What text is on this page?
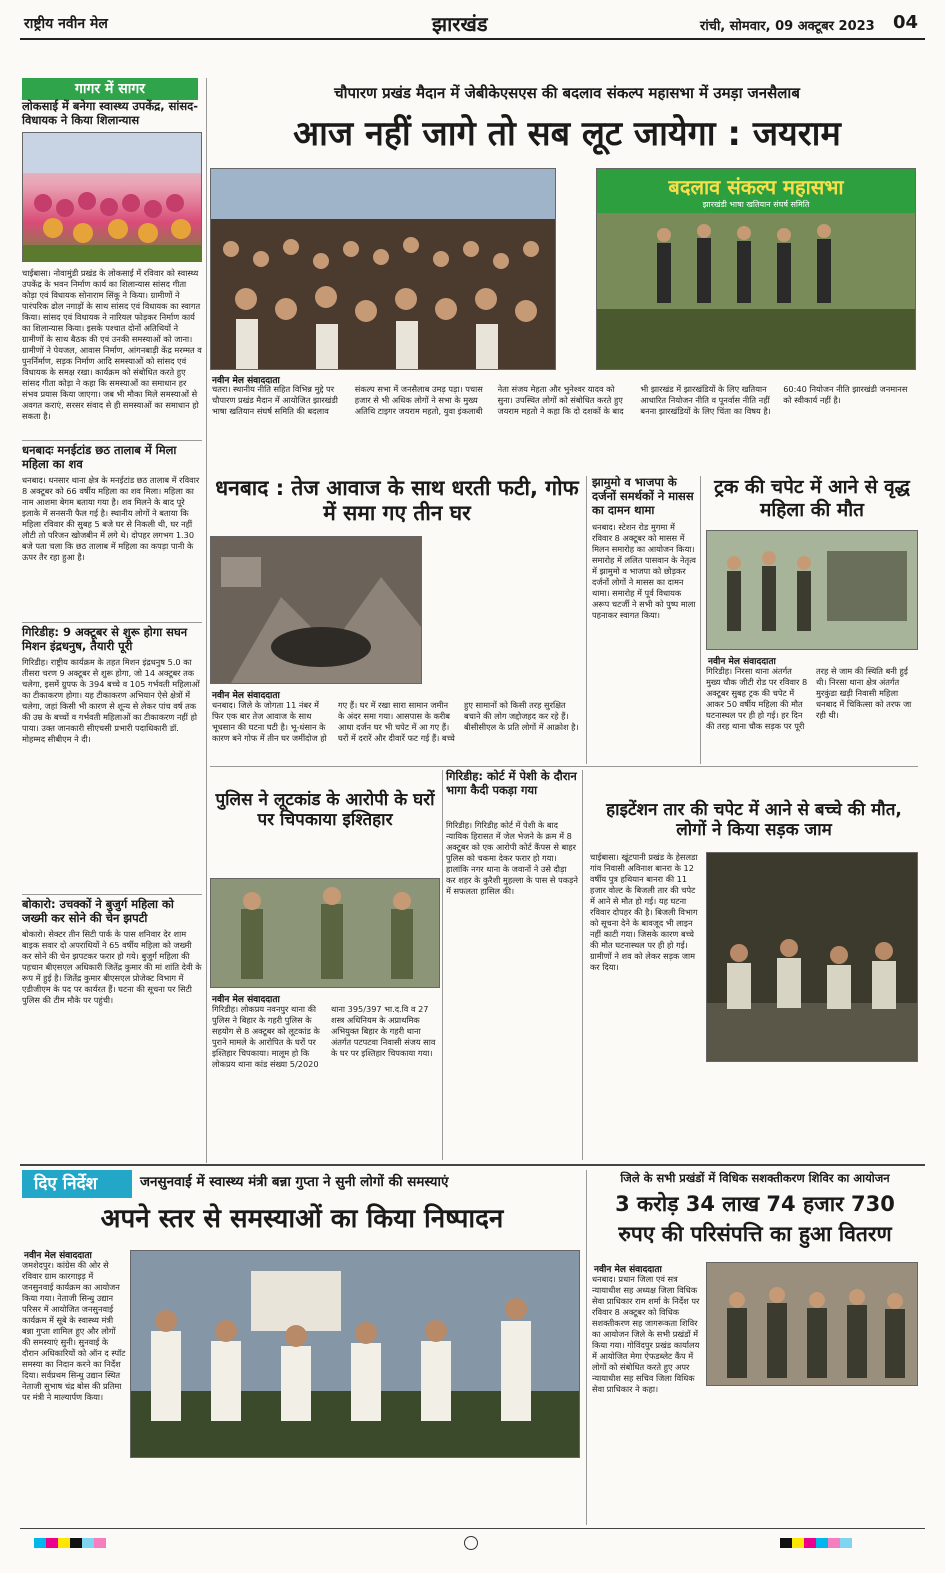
राष्ट्रीय नवीन मेल	झारखंड	रांची, सोमवार, 09 अक्टूबर 2023 04
गागर में सागर
लोकसाई में बनेगा स्वास्थ्य उपकेंद्र, सांसद-विधायक ने किया शिलान्यास
चाईबासा। नोवामुंडी प्रखंड के लोकसाई में रविवार को स्वास्थ्य उपकेंद्र के भवन निर्माण कार्य का शिलान्यास सांसद गीता कोड़ा एवं विधायक सोनाराम सिंकू ने किया। ग्रामीणों ने पारंपरिक ढोल नगाड़ों के साथ सांसद एवं विधायक का स्वागत किया। सांसद एवं विधायक ने नारियल फोड़कर निर्माण कार्य का शिलान्यास किया। इसके पश्चात दोनों अतिथियों ने ग्रामीणों के साथ बैठक की एवं उनकी समस्याओं को जाना। ग्रामीणों ने पेयजल, आवास निर्माण, आंगनबाड़ी केंद्र मरम्मत व पुनर्निर्माण, सड़क निर्माण आदि समस्याओं को सांसद एवं विधायक के समक्ष रखा। कार्यक्रम को संबोधित करते हुए सांसद गीता कोड़ा ने कहा कि समस्याओं का समाधान हर संभव प्रयास किया जाएगा। जब भी मौका मिले समस्याओं से अवगत कराएं, सरसर संवाद से ही समस्याओं का समाधान हो सकता है।
धनबादः मनईटांड छठ तालाब में मिला महिला का शव
धनबाद। धनसार थाना क्षेत्र के मनईटांड छठ तालाब में रविवार 8 अक्टूबर को 66 वर्षीय महिला का शव मिला। महिला का नाम आशमा बेगम बताया गया है। शव मिलने के बाद पूरे इलाके में सनसनी फैल गई है। स्थानीय लोगों ने बताया कि महिला रविवार की सुबह 5 बजे घर से निकली थी, घर नहीं लौटी तो परिजन खोजबीन में लगे थे। दोपहर लगभग 1.30 बजे पता चला कि छठ तालाब में महिला का कपड़ा पानी के ऊपर तैर रहा हुआ है।
गिरिडीह: 9 अक्टूबर से शुरू होगा सघन मिशन इंद्रधनुष, तैयारी पूरी
गिरिडीह। राष्ट्रीय कार्यक्रम के तहत मिशन इंद्रधनुष 5.0 का तीसरा चरण 9 अक्टूबर से शुरू होगा, जो 14 अक्टूबर तक चलेगा, इसमें ग्रुपफ के 394 बच्चे व 105 गर्भवती महिलाओं का टीकाकरण होगा। यह टीकाकरण अभियान ऐसे क्षेत्रों में चलेगा, जहां किसी भी कारण से शून्य से लेकर पांच वर्ष तक की उम्र के बच्चों व गर्भवती महिलाओं का टीकाकरण नहीं हो पाया। उक्त जानकारी सीएचसी प्रभारी पदाधिकारी डॉ. मोहम्मद सीबीएम ने दी।
बोकारो: उचक्कों ने बुजुर्ग महिला को जख्मी कर सोने की चेन झपटी
बोकारो। सेक्टर तीन सिटी पार्क के पास शनिवार देर शाम बाइक सवार दो अपराधियों ने 65 वर्षीय महिला को जख्मी कर सोने की चेन झपटकर फरार हो गये। बुजुर्ग महिला की पहचान बीएसएल अधिकारी जितेंद्र कुमार की मां शांति देवी के रूप में हुई है। जितेंद्र कुमार बीएसएल प्रोजेक्ट विभाग में एडीजीएम के पद पर कार्यरत हैं। घटना की सूचना पर सिटी पुलिस की टीम मौके पर पहुंची।
चौपारण प्रखंड मैदान में जेबीकेएसएस की बदलाव संकल्प महासभा में उमड़ा जनसैलाब
आज नहीं जागे तो सब लूट जायेगा : जयराम
बदलाव संकल्प महासभा
झारखंडी भाषा खतियान संघर्ष समिति
नवीन मेल संवाददाता
चतरा। स्थानीय नीति सहित विभिन्न मुद्दे पर चौपारण प्रखंड मैदान में आयोजित झारखंडी भाषा खतियान संघर्ष समिति की बदलाव संकल्प सभा में जनसैलाब उमड़ पड़ा। पचास हजार से भी अधिक लोगों ने सभा के मुख्य अतिथि टाइगर जयराम महतो, युवा इंकलाबी नेता संजय मेहता और भुनेश्वर यादव को सुना। उपस्थित लोगों को संबोधित करते हुए जयराम महतो ने कहा कि दो दशकों के बाद भी झारखंड में झारखंडियों के लिए खतियान आधारित नियोजन नीति व पूनर्वास नीति नहीं बनना झारखंडियों के लिए चिंता का विषय है। 60:40 नियोजन नीति झारखंडी जनमानस को स्वीकार्य नहीं है।
धनबाद : तेज आवाज के साथ धरती फटी, गोफ में समा गए तीन घर
नवीन मेल संवाददाता
धनबाद। जिले के जोगता 11 नंबर में फिर एक बार तेज आवाज के साथ भूधसान की घटना घटी है। भू-धंसान के कारण बने गोफ में तीन घर जमींदोज हो गए हैं। घर में रखा सारा सामान जमीन के अंदर समा गया। आसपास के करीब आधा दर्जन घर भी चपेट में आ गए हैं। घरों में दरारें और दीवारें फट गई हैं। बच्चे हुए सामानों को किसी तरह सुरक्षित बचाने की लोग जद्दोजहद कर रहे हैं। बीसीसीएल के प्रति लोगों में आक्रोश है।
झामुमो व भाजपा के दर्जनों समर्थकों ने मासस का दामन थामा
धनबाद। स्टेशन रोड मुगमा में रविवार 8 अक्टूबर को मासस में मिलन समारोह का आयोजन किया। समारोह में ललित पासवान के नेतृत्व में झामुमो व भाजपा को छोड़कर दर्जनों लोगों ने मासस का दामन थामा। समारोह में पूर्व विधायक अरूप चटर्जी ने सभी को पुष्प माला पहनाकर स्वागत किया।
ट्रक की चपेट में आने से वृद्ध महिला की मौत
नवीन मेल संवाददाता
गिरिडीह। निरसा थाना अंतर्गत मुख्य चौक जीटी रोड पर रविवार 8 अक्टूबर सुबह ट्रक की चपेट में आकर 50 वर्षीय महिला की मौत घटनास्थल पर ही हो गई। हर दिन की तरह थाना चौक सड़क पर पूरी तरह से जाम की स्थिति बनी हुई थी। निरसा थाना क्षेत्र अंतर्गत मुरकुंडा खड़ी निवासी महिला धनबाद में चिकित्सा को तरफ जा रही थी।
गिरिडीह: कोर्ट में पेशी के दौरान भागा कैदी पकड़ा गया
गिरिडीह। गिरिडीह कोर्ट में पेशी के बाद न्यायिक हिरासत में जेल भेजने के क्रम में 8 अक्टूबर को एक आरोपी कोर्ट कैंपस से बाहर पुलिस को चकमा देकर फरार हो गया। हालांकि नगर थाना के जवानों ने उसे दौड़ा कर शहर के कुरैशी मुहल्ला के पास से पकड़ने में सफलता हासिल की।
पुलिस ने लूटकांड के आरोपी के घरों पर चिपकाया इश्तिहार
नवीन मेल संवाददाता
गिरिडीह। लोकप्रय नवनपुर थाना की पुलिस ने बिहार के गहरी पुलिस के सहयोग से 8 अक्टूबर को लूटकांड के पुराने मामले के आरोपित के घरों पर इश्तिहार चिपकाया। मालूम हो कि लोकप्रय थाना कांड संख्या 5/2020 थाना 395/397 भा.द.वि व 27 शस्त्र अधिनियम के अप्राथमिक अभियुक्त बिहार के गहरी थाना अंतर्गत पटपटवा निवासी संजय साव के घर पर इश्तिहार चिपकाया गया।
हाइटेंशन तार की चपेट में आने से बच्चे की मौत, लोगों ने किया सड़क जाम
चाईबासा। खूंटपानी प्रखंड के हेसलडा गांव निवासी अविनाश बानरा के 12 वर्षीय पुत्र हथियान बानरा की 11 हजार वोल्ट के बिजली तार की चपेट में आने से मौत हो गई। यह घटना रविवार दोपहर की है। बिजली विभाग को सूचना देने के बावजूद भी लाइन नहीं काटी गया। जिसके कारण बच्चे की मौत घटनास्थल पर ही हो गई। ग्रामीणों ने शव को लेकर सड़क जाम कर दिया।
दिए निर्देश	जनसुनवाई में स्वास्थ्य मंत्री बन्ना गुप्ता ने सुनी लोगों की समस्याएं
अपने स्तर से समस्याओं का किया निष्पादन
नवीन मेल संवाददाता
जमशेदपुर। कांग्रेस की ओर से रविवार ग्राम कारगाइड़ में जनसुनवाई कार्यक्रम का आयोजन किया गया। नेताजी सिन्धु उद्यान परिसर में आयोजित जनसुनवाई कार्यक्रम में सूबे के स्वास्थ्य मंत्री बन्ना गुप्ता शामिल हुए और लोगों की समस्याएं सुनी। सुनवाई के दौरान अधिकारियों को ऑन द स्पॉट समस्या का निदान करने का निर्देश दिया। सर्वप्रथम सिन्धु उद्यान स्थित नेताजी सुभाष चंद्र बोस की प्रतिमा पर मंत्री ने माल्यार्पण किया।
जिले के सभी प्रखंडों में विधिक सशक्तीकरण शिविर का आयोजन
3 करोड़ 34 लाख 74 हजार 730
रुपए की परिसंपत्ति का हुआ वितरण
नवीन मेल संवाददाता
धनबाद। प्रधान जिला एवं सत्र न्यायाधीश सह अध्यक्ष जिला विधिक सेवा प्राधिकार राम शर्मा के निर्देश पर रविवार 8 अक्टूबर को विधिक सशक्तीकरण सह जागरूकता शिविर का आयोजन जिले के सभी प्रखंडों में किया गया। गोविंदपुर प्रखंड कार्यालय में आयोजित मेगा ऐफडब्लेट कैंप में लोगों को संबोधित करते हुए अपर न्यायाधीश सह सचिव जिला विधिक सेवा प्राधिकार ने कहा।
